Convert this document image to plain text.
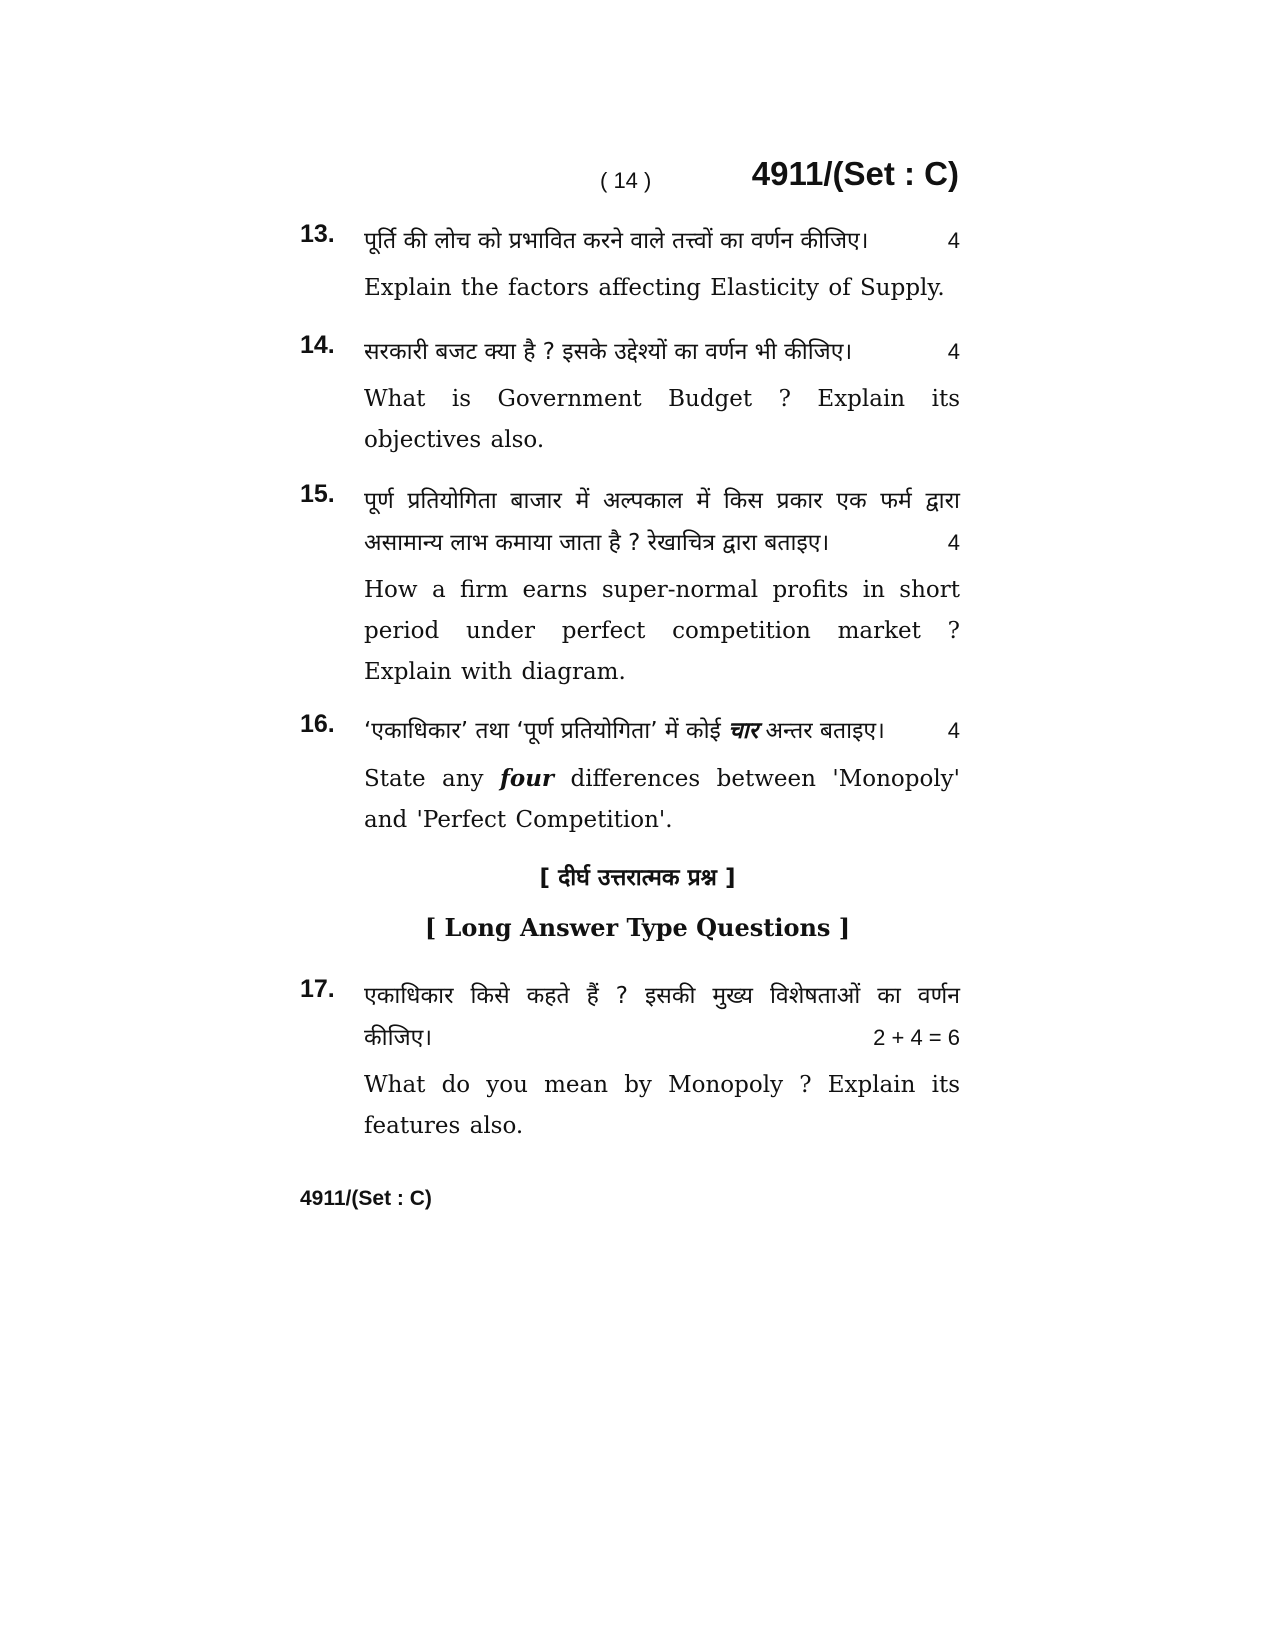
( 14 )	4911/(Set : C)
13. पूर्ति की लोच को प्रभावित करने वाले तत्त्वों का वर्णन कीजिए।	4
Explain the factors affecting Elasticity of Supply.
14. सरकारी बजट क्या है ? इसके उद्देश्यों का वर्णन भी कीजिए।	4
What is Government Budget ? Explain its objectives also.
15. पूर्ण प्रतियोगिता बाजार में अल्पकाल में किस प्रकार एक फर्म द्वारा
असामान्य लाभ कमाया जाता है ? रेखाचित्र द्वारा बताइए।	4
How a firm earns super-normal profits in short period under perfect competition market ? Explain with diagram.
16. ‘एकाधिकार’ तथा ‘पूर्ण प्रतियोगिता’ में कोई चार अन्तर बताइए।	4
State any four differences between 'Monopoly' and 'Perfect Competition'.
[ दीर्घ उत्तरात्मक प्रश्न ]
[ Long Answer Type Questions ]
17. एकाधिकार किसे कहते हैं ? इसकी मुख्य विशेषताओं का वर्णन
कीजिए।	2 + 4 = 6
What do you mean by Monopoly ? Explain its features also.
4911/(Set : C)
